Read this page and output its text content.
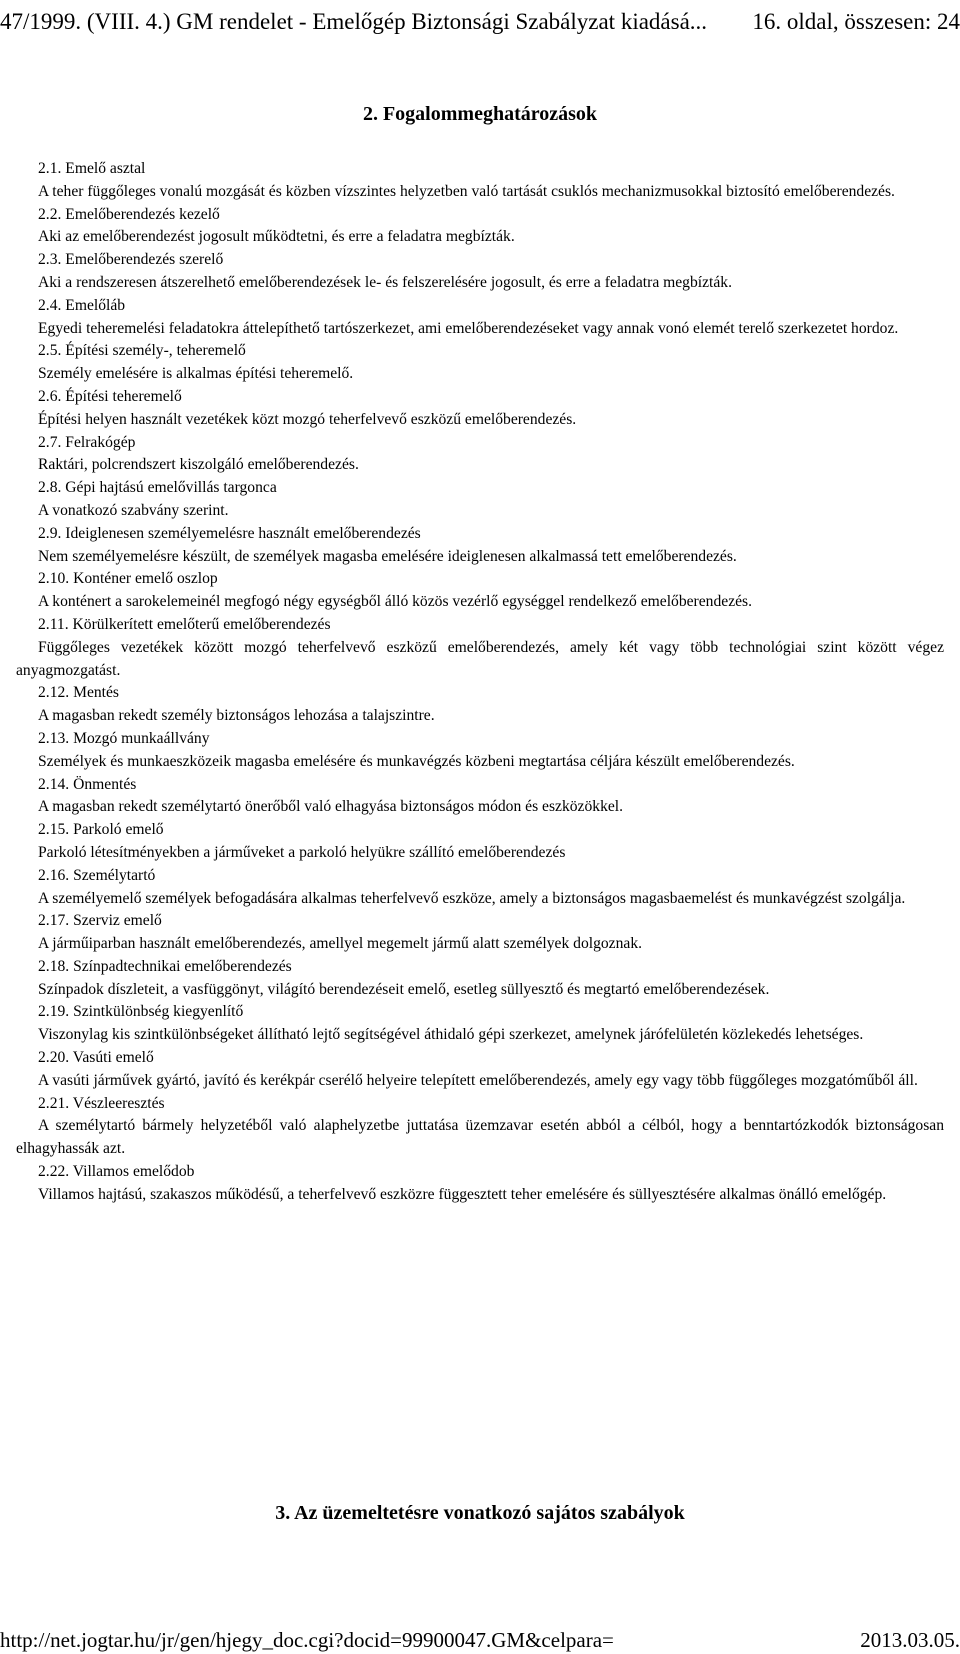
47/1999. (VIII. 4.) GM rendelet - Emelőgép Biztonsági Szabályzat kiadásá... 16. oldal, összesen: 24
2. Fogalommeghatározások
2.1. Emelő asztal
A teher függőleges vonalú mozgását és közben vízszintes helyzetben való tartását csuklós mechanizmusokkal biztosító emelőberendezés.
2.2. Emelőberendezés kezelő
Aki az emelőberendezést jogosult működtetni, és erre a feladatra megbízták.
2.3. Emelőberendezés szerelő
Aki a rendszeresen átszerelhető emelőberendezések le- és felszerelésére jogosult, és erre a feladatra megbízták.
2.4. Emelőláb
Egyedi teheremelési feladatokra áttelepíthető tartószerkezet, ami emelőberendezéseket vagy annak vonó elemét terelő szerkezetet hordoz.
2.5. Építési személy-, teheremelő
Személy emelésére is alkalmas építési teheremelő.
2.6. Építési teheremelő
Építési helyen használt vezetékek közt mozgó teherfelvevő eszközű emelőberendezés.
2.7. Felrakógép
Raktári, polcrendszert kiszolgáló emelőberendezés.
2.8. Gépi hajtású emelővillás targonca
A vonatkozó szabvány szerint.
2.9. Ideiglenesen személyemelésre használt emelőberendezés
Nem személyemelésre készült, de személyek magasba emelésére ideiglenesen alkalmassá tett emelőberendezés.
2.10. Konténer emelő oszlop
A konténert a sarokelemeinél megfogó négy egységből álló közös vezérlő egységgel rendelkező emelőberendezés.
2.11. Körülkerített emelőterű emelőberendezés
Függőleges vezetékek között mozgó teherfelvevő eszközű emelőberendezés, amely két vagy több technológiai szint között végez anyagmozgatást.
2.12. Mentés
A magasban rekedt személy biztonságos lehozása a talajszintre.
2.13. Mozgó munkaállvány
Személyek és munkaeszközeik magasba emelésére és munkavégzés közbeni megtartása céljára készült emelőberendezés.
2.14. Önmentés
A magasban rekedt személytartó önerőből való elhagyása biztonságos módon és eszközökkel.
2.15. Parkoló emelő
Parkoló létesítményekben a járműveket a parkoló helyükre szállító emelőberendezés
2.16. Személytartó
A személyemelő személyek befogadására alkalmas teherfelvevő eszköze, amely a biztonságos magasbaemelést és munkavégzést szolgálja.
2.17. Szerviz emelő
A járműiparban használt emelőberendezés, amellyel megemelt jármű alatt személyek dolgoznak.
2.18. Színpadtechnikai emelőberendezés
Színpadok díszleteit, a vasfüggönyt, világító berendezéseit emelő, esetleg süllyesztő és megtartó emelőberendezések.
2.19. Szintkülönbség kiegyenlítő
Viszonylag kis szintkülönbségeket állítható lejtő segítségével áthidaló gépi szerkezet, amelynek járófelületén közlekedés lehetséges.
2.20. Vasúti emelő
A vasúti járművek gyártó, javító és kerékpár cserélő helyeire telepített emelőberendezés, amely egy vagy több függőleges mozgatóműből áll.
2.21. Vészleeresztés
A személytartó bármely helyzetéből való alaphelyzetbe juttatása üzemzavar esetén abból a célból, hogy a benntartózkodók biztonságosan elhagyhassák azt.
2.22. Villamos emelődob
Villamos hajtású, szakaszos működésű, a teherfelvevő eszközre függesztett teher emelésére és süllyesztésére alkalmas önálló emelőgép.
3. Az üzemeltetésre vonatkozó sajátos szabályok
http://net.jogtar.hu/jr/gen/hjegy_doc.cgi?docid=99900047.GM&celpara=	2013.03.05.
